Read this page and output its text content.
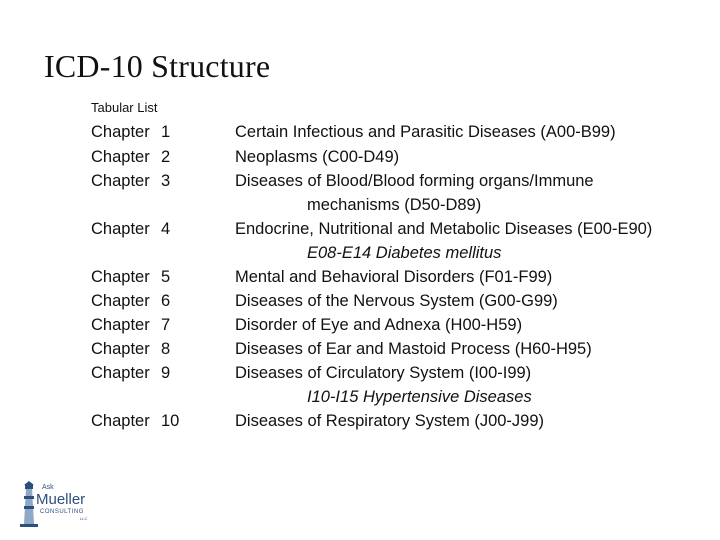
ICD-10 Structure
Tabular List
Chapter 1	Certain Infectious and Parasitic Diseases (A00-B99)
Chapter 2	Neoplasms (C00-D49)
Chapter 3	Diseases of Blood/Blood forming organs/Immune
mechanisms (D50-D89)
Chapter 4	Endocrine, Nutritional and Metabolic Diseases (E00-E90)
E08-E14 Diabetes mellitus
Chapter 5	Mental and Behavioral Disorders (F01-F99)
Chapter 6	Diseases of the Nervous System (G00-G99)
Chapter 7	Disorder of Eye and Adnexa (H00-H59)
Chapter 8	Diseases of Ear and Mastoid Process (H60-H95)
Chapter 9	Diseases of Circulatory System (I00-I99)
I10-I15 Hypertensive Diseases
Chapter 10	Diseases of Respiratory System (J00-J99)
Ask
Mueller
CONSULTING
LLC
